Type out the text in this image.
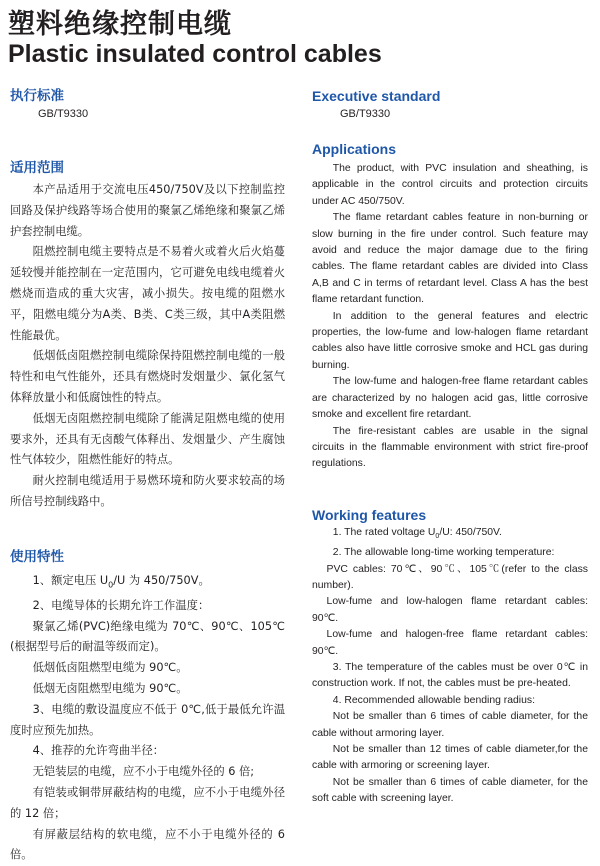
塑料绝缘控制电缆
Plastic insulated control cables
执行标准
GB/T9330
适用范围

本产品适用于交流电压450/750V及以下控制监控回路及保护线路等场合使用的聚氯乙烯绝缘和聚氯乙烯护套控制电缆。

阻燃控制电缆主要特点是不易着火或着火后火焰蔓延较慢并能控制在一定范围内，它可避免电线电缆着火燃烧而造成的重大灾害，减小损失。按电缆的阻燃水平，阻燃电缆分为A类、B类、C类三级，其中A类阻燃性能最优。

低烟低卤阻燃控制电缆除保持阻燃控制电缆的一般特性和电气性能外，还具有燃烧时发烟量少、氯化氢气体释放量小和低腐蚀性的特点。

低烟无卤阻燃控制电缆除了能满足阻燃电缆的使用要求外，还具有无卤酸气体释出、发烟量少、产生腐蚀性气体较少，阻燃性能好的特点。

耐火控制电缆适用于易燃环境和防火要求较高的场所信号控制线路中。

使用特性

1、额定电压 $U_0/U$ 为 450/750V。

2、电缆导体的长期允许工作温度：

聚氯乙烯(PVC)绝缘电缆为 70℃、90℃、105℃(根据型号后的耐温等级而定)。

低烟低卤阻燃型电缆为 90℃。

低烟无卤阻燃型电缆为 90℃。

3、电缆的敷设温度应不低于 0℃,低于最低允许温度时应预先加热。

4、推荐的允许弯曲半径：

无铠装层的电缆，应不小于电缆外径的 6 倍;

有铠装或铜带屏蔽结构的电缆，应不小于电缆外径的 12 倍；

有屏蔽层结构的软电缆，应不小于电缆外径的 6 倍。

Executive standard
GB/T9330
Applications

The product, with PVC insulation and sheathing, is applicable in the control circuits and protection circuits under AC 450/750V.

The flame retardant cables feature in non-burning or slow burning in the fire under control. Such feature may avoid and reduce the major damage due to the firing cables. The flame retardant cables are divided into Class A,B and C in terms of retardant level. Class A has the best flame retardant function.

In addition to the general features and electric properties, the low-fume and low-halogen flame retardant cables also have little corrosive smoke and HCL gas during burning.

The low-fume and halogen-free flame retardant cables are characterized by no halogen acid gas, little corrosive smoke and excellent fire retardant.

The fire-resistant cables are usable in the signal circuits in the flammable environment with strict fire-proof regulations.

Working features

1. The rated voltage $U_0/U$: 450/750V.

2. The allowable long-time working temperature:

PVC cables: 70℃、90℃、105℃(refer to the class number).

Low-fume and low-halogen flame retardant cables: 90℃.

Low-fume and halogen-free flame retardant cables: 90℃.

3. The temperature of the cables must be over 0℃ in construction work. If not, the cables must be pre-heated.

4. Recommended allowable bending radius:

Not be smaller than 6 times of cable diameter, for the cable without armoring layer.

Not be smaller than 12 times of cable diameter,for the cable with armoring or screening layer.

Not be smaller than 6 times of cable diameter, for the soft cable with screening layer.
